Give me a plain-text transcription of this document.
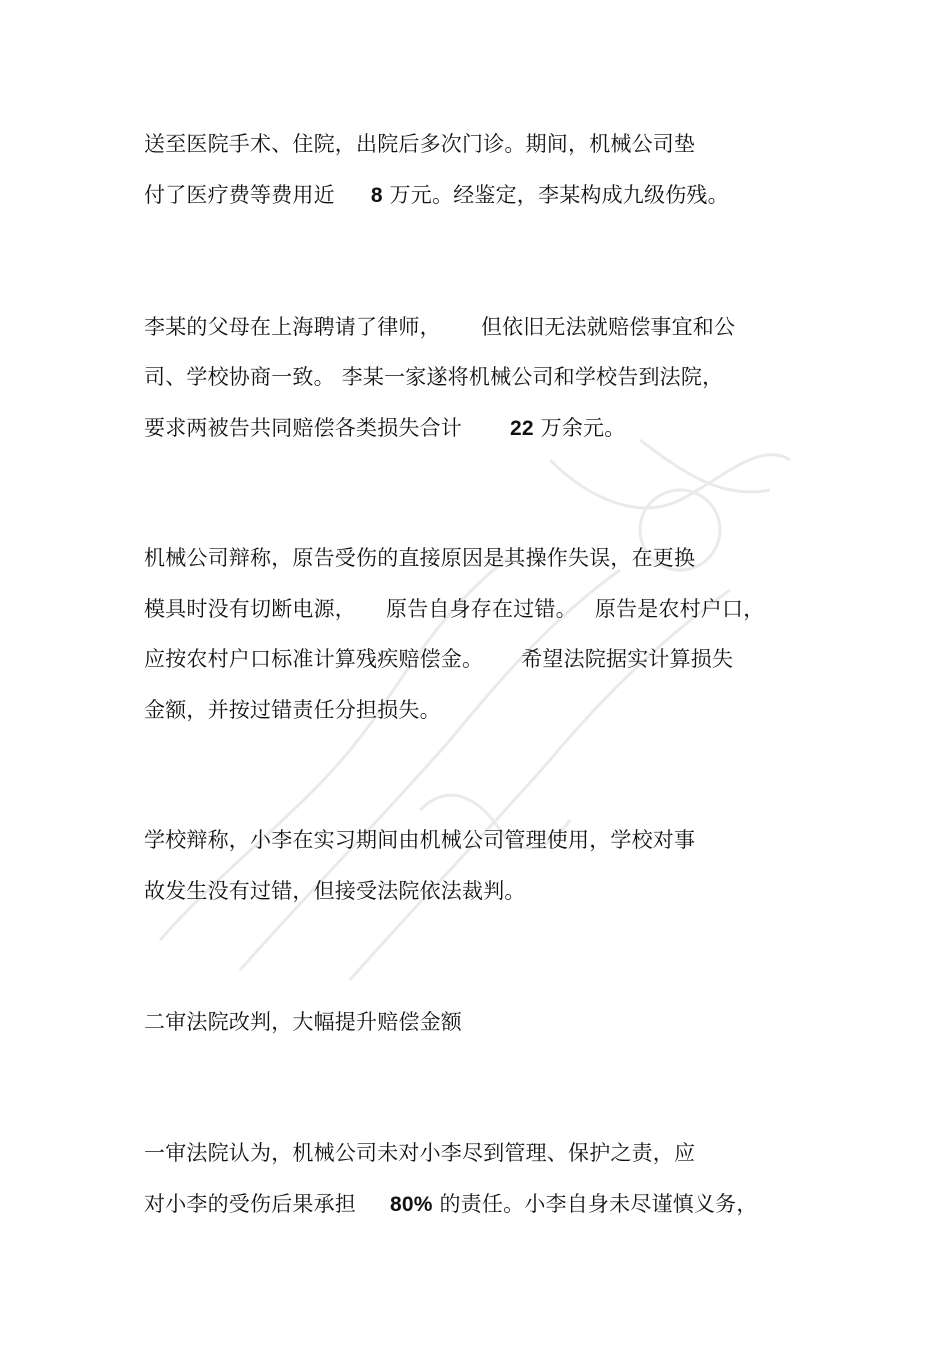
送至医院手术、住院，出院后多次门诊。期间，机械公司垫
付了医疗费等费用近 8 万元。经鉴定，李某构成九级伤残。
李某的父母在上海聘请了律师， 但依旧无法就赔偿事宜和公
司、学校协商一致。 李某一家遂将机械公司和学校告到法院，
要求两被告共同赔偿各类损失合计 22 万余元。
机械公司辩称，原告受伤的直接原因是其操作失误，在更换
模具时没有切断电源， 原告自身存在过错。 原告是农村户口，
应按农村户口标准计算残疾赔偿金。 希望法院据实计算损失
金额，并按过错责任分担损失。
学校辩称，小李在实习期间由机械公司管理使用，学校对事
故发生没有过错，但接受法院依法裁判。
二审法院改判，大幅提升赔偿金额
一审法院认为，机械公司未对小李尽到管理、保护之责，应
对小李的受伤后果承担 80% 的责任。小李自身未尽谨慎义务，
